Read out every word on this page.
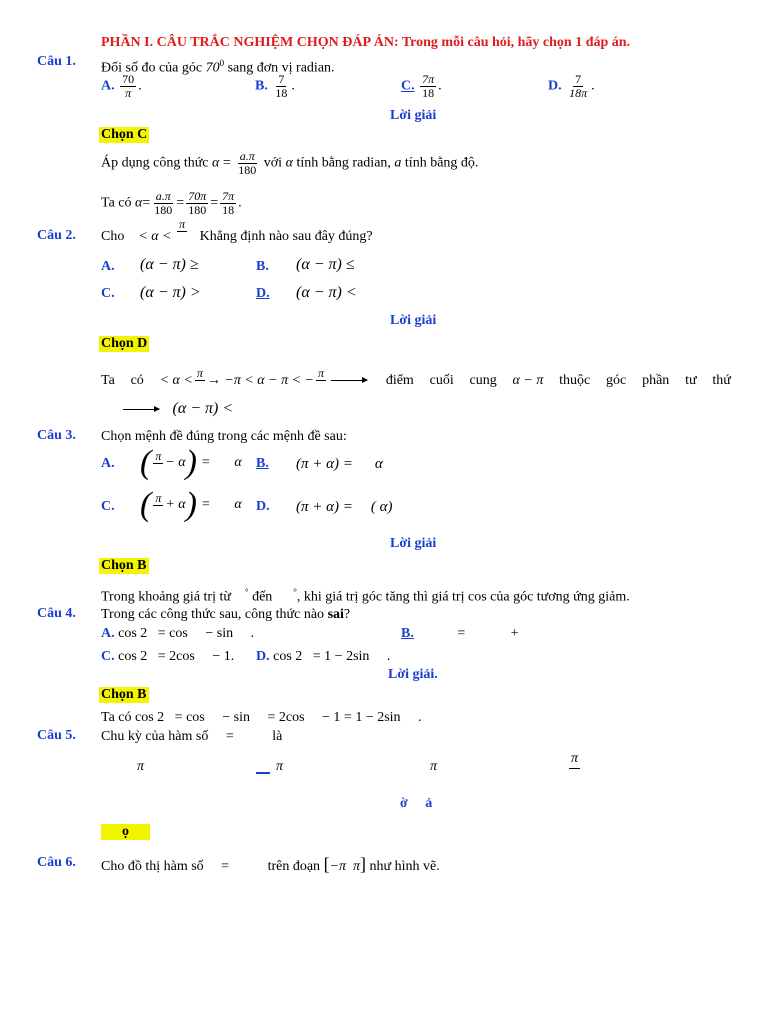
PHẦN I. CÂU TRẮC NGHIỆM CHỌN ĐÁP ÁN: Trong mỗi câu hỏi, hãy chọn 1 đáp án.
Câu 1. Đổi số đo của góc $70^0$ sang đơn vị radian.
A. $\frac{70}{\pi}$ .	B. $\frac{7}{18}$ .	C. $\frac{7\pi}{18}$ .	D. $\frac{7}{18\pi}$ .
Lời giải
Chọn C
Áp dụng công thức $\alpha = \frac{a.\pi}{180}$ với α tính bằng radian, a tính bằng độ.
Ta có $\alpha= \frac{a.\pi}{180} = \frac{70\pi}{180} = \frac{7\pi}{18}$ .
Câu 2. Cho < α <
π

Khẳng định nào sau đây đúng?
A. (α − π) ≥	B. (α − π) ≤
C. (α − π) >	D. (α − π) <
Lời giải
Chọn D
Ta có < α < π
→ −π < α − π < − π
	điểm cuối cung α − π thuộc góc phần tư thứ
(α − π) <
Câu 3. Chọn mệnh đề đúng trong các mệnh đề sau:
A. ( π
− α ) = α B. (π + α) = α
C. ( π
+ α ) = α D. (π + α) = ( α)
Lời giải
Chọn B
Trong khoảng giá trị từ ° đến °, khi giá trị góc tăng thì giá trị cos của góc tương ứng giảm.
Câu 4. Trong các công thức sau, công thức nào sai?
A. cos 2   = cos     − sin     .	B.	=             +
C. cos 2   = 2cos     − 1. D. cos 2   = 1 − 2sin     .
Lời giải.
Chọn B
Ta có cos 2   = cos     − sin     = 2cos     − 1 = 1 − 2sin     .
Câu 5. Chu kỳ của hàm số =	là
π	π	π
π
ờ ả
ọ
Câu 6. Cho đồ thị hàm số =	trên đoạn [−π  π] như hình vẽ.
